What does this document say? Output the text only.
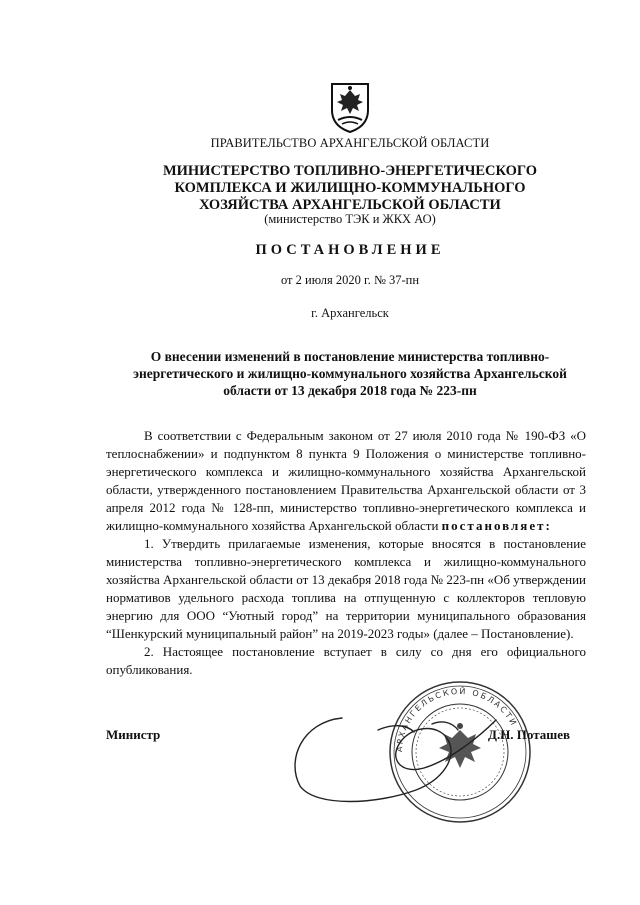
ПРАВИТЕЛЬСТВО АРХАНГЕЛЬСКОЙ ОБЛАСТИ
МИНИСТЕРСТВО ТОПЛИВНО-ЭНЕРГЕТИЧЕСКОГО
КОМПЛЕКСА И ЖИЛИЩНО-КОММУНАЛЬНОГО
ХОЗЯЙСТВА АРХАНГЕЛЬСКОЙ ОБЛАСТИ
(министерство ТЭК и ЖКХ АО)
ПОСТАНОВЛЕНИЕ
от 2 июля 2020 г. № 37-пн
г. Архангельск
О внесении изменений в постановление министерства топливно-
энергетического и жилищно-коммунального хозяйства Архангельской
области от 13 декабря 2018 года № 223-пн

В соответствии с Федеральным законом от 27 июля 2010 года № 190-ФЗ «О теплоснабжении» и подпунктом 8 пункта 9 Положения о министерстве топливно-энергетического комплекса и жилищно-коммунального хозяйства Архангельской области, утвержденного постановлением Правительства Архангельской области от 3 апреля 2012 года № 128-пп, министерство топливно-энергетического комплекса и жилищно-коммунального хозяйства Архангельской области постановляет:

1. Утвердить прилагаемые изменения, которые вносятся в постановление министерства топливно-энергетического комплекса и жилищно-коммунального хозяйства Архангельской области от 13 декабря 2018 года № 223-пн «Об утверждении нормативов удельного расхода топлива на отпущенную с коллекторов тепловую энергию для ООО “Уютный город” на территории муниципального образования “Шенкурский муниципальный район” на 2019-2023 годы» (далее – Постановление).

2. Настоящее постановление вступает в силу со дня его официального опубликования.

АРХАНГЕЛЬСКОЙ ОБЛАСТИ
Министр	Д.Н. Поташев
